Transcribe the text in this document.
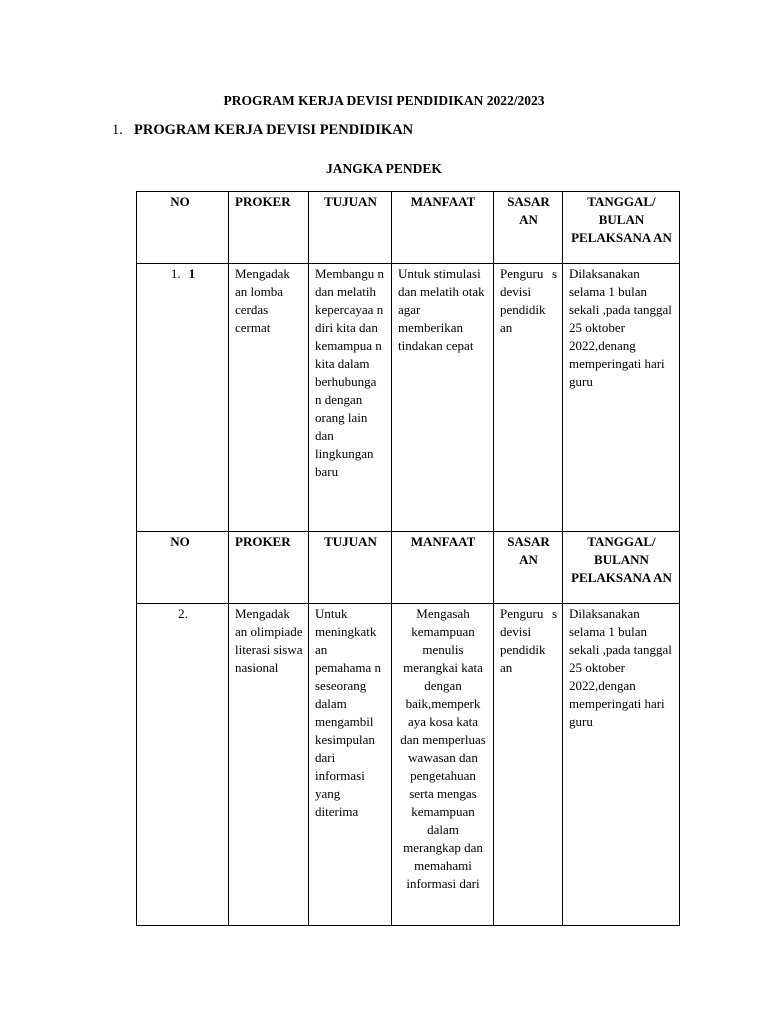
PROGRAM KERJA DEVISI PENDIDIKAN 2022/2023
1. PROGRAM KERJA DEVISI PENDIDIKAN
JANGKA PENDEK
NO	PROKER	TUJUAN	MANFAAT	SASAR AN	TANGGAL/ BULAN PELAKSANA AN
1. 1	Mengadak an lomba cerdas cermat	Membangu n dan melatih kepercayaa n diri kita dan kemampua n kita dalam berhubunga n dengan orang lain dan lingkungan baru	Untuk stimulasi dan melatih otak agar memberikan tindakan cepat	Penguru s devisi pendidik an	Dilaksanakan selama 1 bulan sekali ,pada tanggal 25 oktober 2022,denang memperingati hari guru
NO	PROKER	TUJUAN	MANFAAT	SASAR AN	TANGGAL/ BULANN PELAKSANA AN
2.	Mengadak an olimpiade literasi siswa nasional	Untuk meningkatk an pemahama n seseorang dalam mengambil kesimpulan dari informasi yang diterima	Mengasah kemampuan menulis merangkai kata dengan baik,memperk aya kosa kata dan memperluas wawasan dan pengetahuan serta mengas kemampuan dalam merangkap dan memahami informasi dari	Penguru s devisi pendidik an	Dilaksanakan selama 1 bulan sekali ,pada tanggal 25 oktober 2022,dengan memperingati hari guru
